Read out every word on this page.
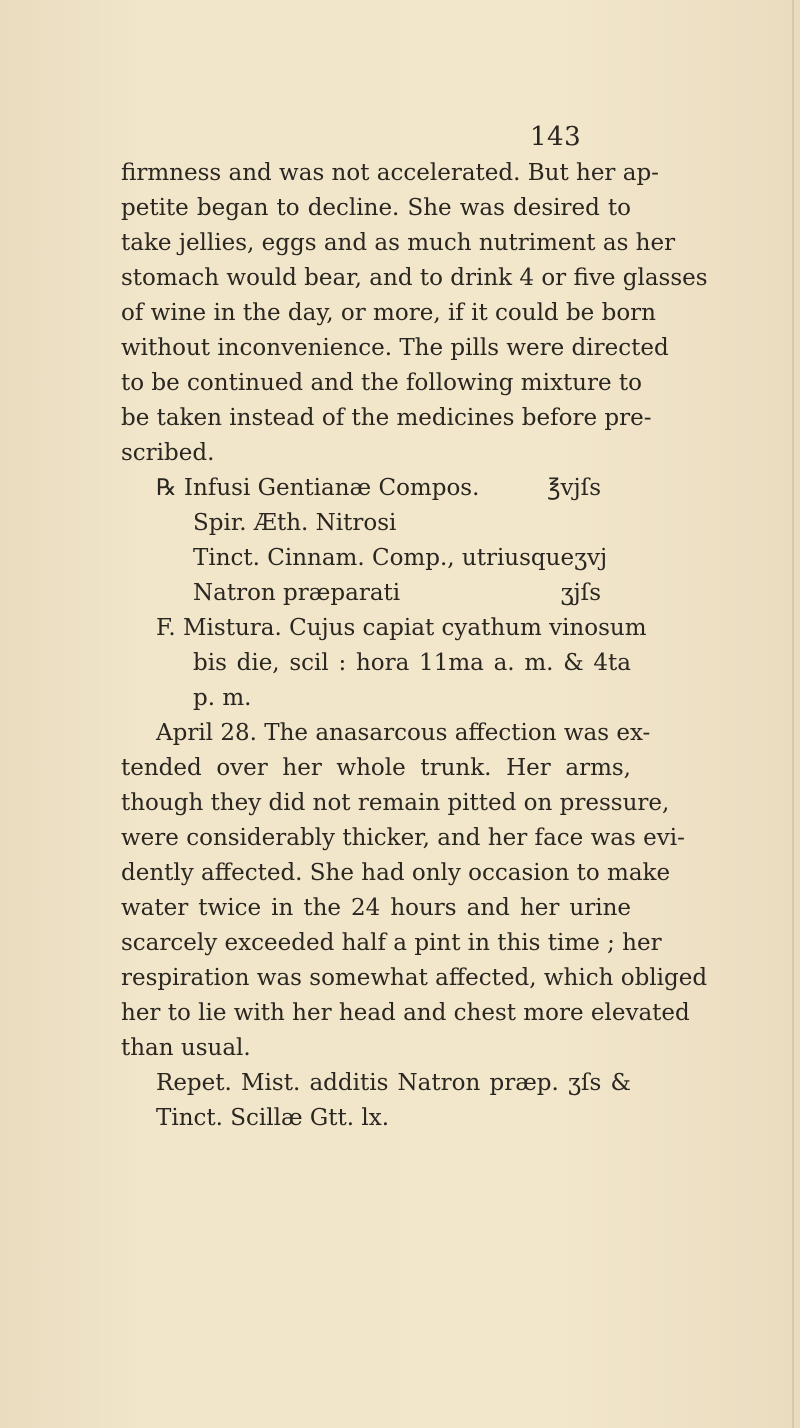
143
firmness and was not accelerated. But her ap-
petite began to decline. She was desired to
take jellies, eggs and as much nutriment as her
stomach would bear, and to drink 4 or five glasses
of wine in the day, or more, if it could be born
without inconvenience. The pills were directed
to be continued and the following mixture to
be taken instead of the medicines before pre-
scribed.
℞ Infusi Gentianæ Compos.	℥vjſs
Spir. Æth. Nitrosi
Tinct. Cinnam. Comp., utriusque ʒvj
Natron præparati	ʒjſs
F. Mistura. Cujus capiat cyathum vinosum
bis die, scil : hora 11ma a. m. & 4ta
p. m.
April 28. The anasarcous affection was ex-
tended over her whole trunk. Her arms,
though they did not remain pitted on pressure,
were considerably thicker, and her face was evi-
dently affected. She had only occasion to make
water twice in the 24 hours and her urine
scarcely exceeded half a pint in this time ; her
respiration was somewhat affected, which obliged
her to lie with her head and chest more elevated
than usual.
Repet. Mist. additis Natron præp. ʒſs &
Tinct. Scillæ Gtt. lx.
